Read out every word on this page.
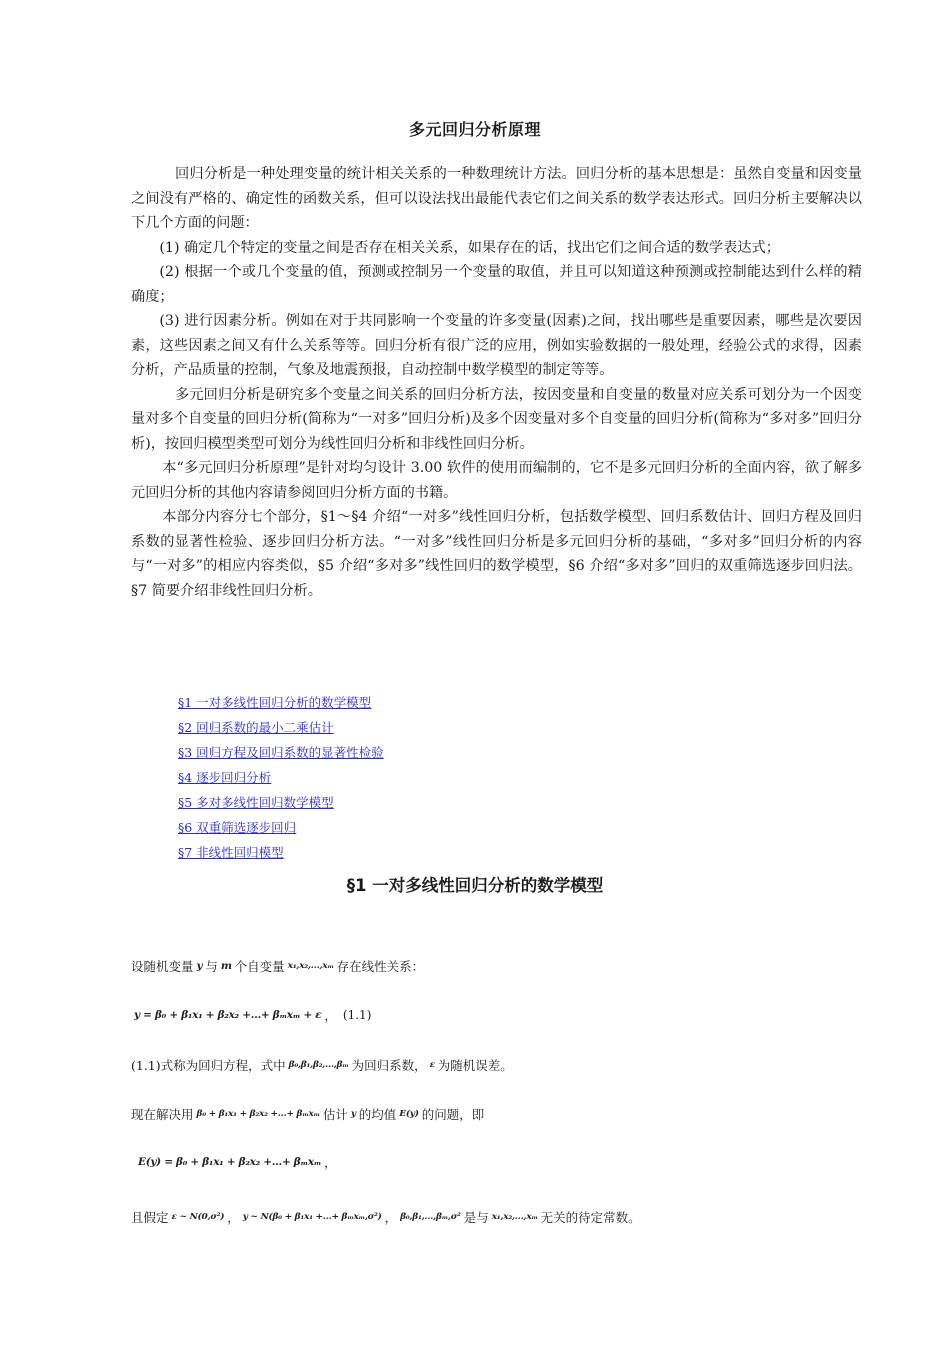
多元回归分析原理

回归分析是一种处理变量的统计相关关系的一种数理统计方法。回归分析的基本思想是：虽然自变量和因变量之间没有严格的、确定性的函数关系，但可以设法找出最能代表它们之间关系的数学表达形式。回归分析主要解决以下几个方面的问题：

(1) 确定几个特定的变量之间是否存在相关关系，如果存在的话，找出它们之间合适的数学表达式；

(2) 根据一个或几个变量的值，预测或控制另一个变量的取值，并且可以知道这种预测或控制能达到什么样的精确度；

(3) 进行因素分析。例如在对于共同影响一个变量的许多变量(因素)之间，找出哪些是重要因素，哪些是次要因素，这些因素之间又有什么关系等等。回归分析有很广泛的应用，例如实验数据的一般处理，经验公式的求得，因素分析，产品质量的控制，气象及地震预报，自动控制中数学模型的制定等等。

多元回归分析是研究多个变量之间关系的回归分析方法，按因变量和自变量的数量对应关系可划分为一个因变量对多个自变量的回归分析(简称为“一对多”回归分析)及多个因变量对多个自变量的回归分析(简称为“多对多”回归分析)，按回归模型类型可划分为线性回归分析和非线性回归分析。

本“多元回归分析原理”是针对均匀设计 3.00 软件的使用而编制的，它不是多元回归分析的全面内容，欲了解多元回归分析的其他内容请参阅回归分析方面的书籍。

本部分内容分七个部分，§1～§4 介绍“一对多”线性回归分析，包括数学模型、回归系数估计、回归方程及回归系数的显著性检验、逐步回归分析方法。“一对多”线性回归分析是多元回归分析的基础，“多对多”回归分析的内容与“一对多”的相应内容类似，§5 介绍“多对多”线性回归的数学模型，§6 介绍“多对多”回归的双重筛选逐步回归法。§7 简要介绍非线性回归分析。

§1 一对多线性回归分析的数学模型
§2 回归系数的最小二乘估计
§3 回归方程及回归系数的显著性检验
§4 逐步回归分析
§5 多对多线性回归数学模型
§6 双重筛选逐步回归
§7 非线性回归模型
§1 一对多线性回归分析的数学模型
设随机变量 y 与 m 个自变量 x₁,x₂,…,xₘ 存在线性关系：
y = β₀ + β₁x₁ + β₂x₂ +…+ βₘxₘ + ε ， (1.1)
(1.1)式称为回归方程，式中 β₀,β₁,β₂,…,βₘ 为回归系数， ε 为随机误差。
现在解决用 β₀ + β₁x₁ + β₂x₂ +…+ βₘxₘ 估计 y 的均值 E(y) 的问题，即
E(y) = β₀ + β₁x₁ + β₂x₂ +…+ βₘxₘ ，
且假定 ε ~ N(0,σ²) ， y ~ N(β₀ + β₁x₁ +…+ βₘxₘ,σ²) ， β₀,β₁,…,βₘ,σ² 是与 x₁,x₂,…,xₘ 无关的待定常数。
